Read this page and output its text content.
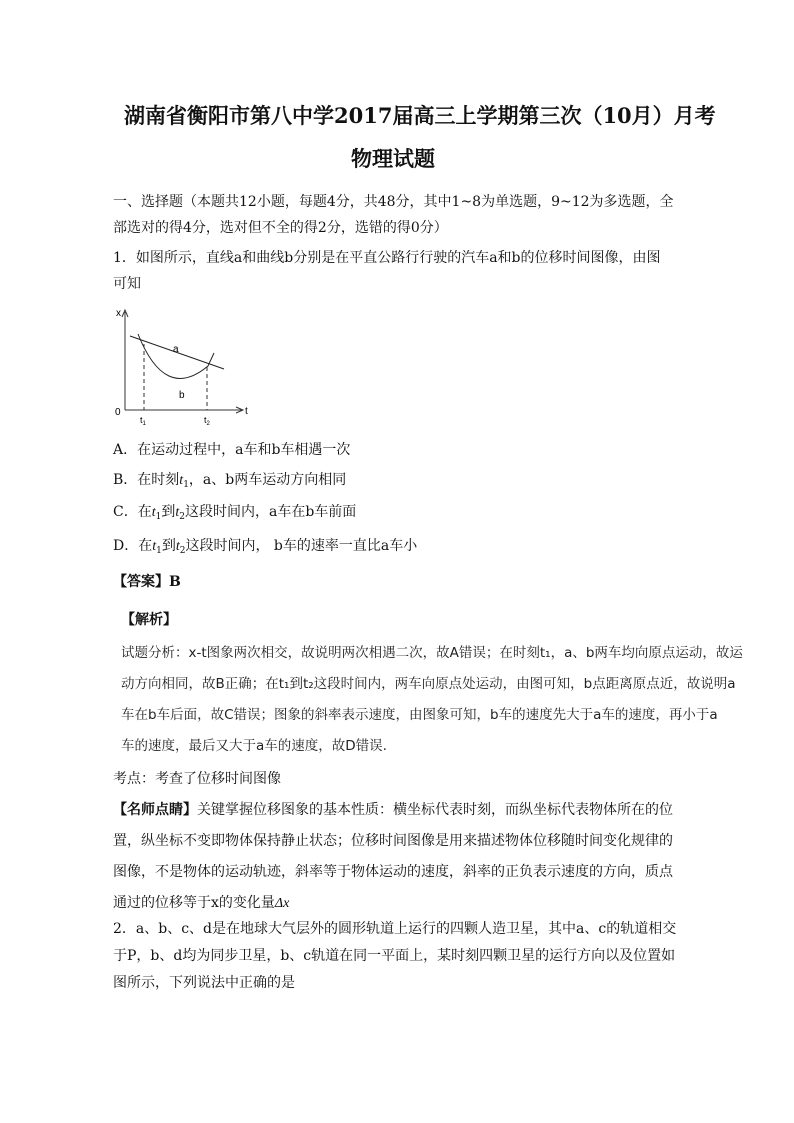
湖南省衡阳市第八中学2017届高三上学期第三次（10月）月考
物理试题
一、选择题（本题共12小题，每题4分，共48分，其中1~8为单选题，9~12为多选题，全
部选对的得4分，选对但不全的得2分，选错的得0分）
1．如图所示，直线a和曲线b分别是在平直公路行行驶的汽车a和b的位移时间图像，由图
可知
x
t
0
a
b
$t_1$	$t_2$
A．在运动过程中，a车和b车相遇一次
B．在时刻$t_1$，a、b两车运动方向相同
C．在$t_1$到$t_2$这段时间内，a车在b车前面
D．在$t_1$到$t_2$这段时间内， b车的速率一直比a车小
【答案】B
【解析】
试题分析：x-t图象两次相交，故说明两次相遇二次，故A错误；在时刻t₁，a、b两车均向原点运动，故运
动方向相同，故B正确；在t₁到t₂这段时间内，两车向原点处运动，由图可知，b点距离原点近，故说明a
车在b车后面，故C错误；图象的斜率表示速度，由图象可知，b车的速度先大于a车的速度，再小于a
车的速度，最后又大于a车的速度，故D错误.
考点：考查了位移时间图像
【名师点睛】关键掌握位移图象的基本性质：横坐标代表时刻，而纵坐标代表物体所在的位
置，纵坐标不变即物体保持静止状态；位移时间图像是用来描述物体位移随时间变化规律的
图像，不是物体的运动轨迹，斜率等于物体运动的速度，斜率的正负表示速度的方向，质点
通过的位移等于x的变化量Δx
2．a、b、c、d是在地球大气层外的圆形轨道上运行的四颗人造卫星，其中a、c的轨道相交
于P，b、d均为同步卫星，b、c轨道在同一平面上，某时刻四颗卫星的运行方向以及位置如
图所示，下列说法中正确的是
